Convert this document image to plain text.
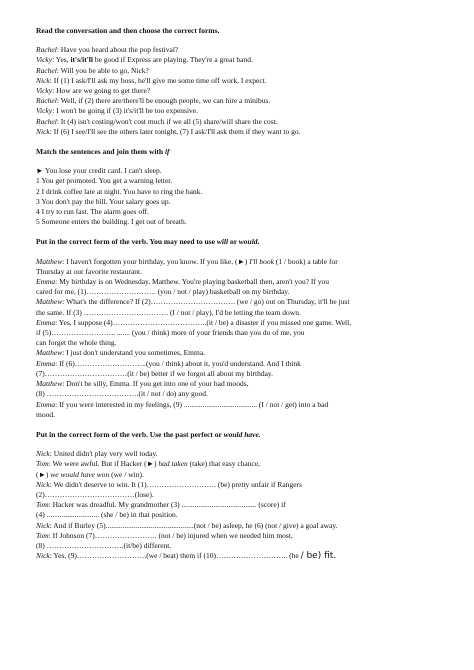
Read the conversation and then choose the correct forms.
Rachel: Have you heard about the pop festival?
Vicky: Yes, it's/it'll be good if Express are playing. They're a great band.
Rachel: Will you be able to go, Nick?
Nick: If (1) I ask/I'll ask my boss, he'll give me some time off work, I expect.
Vicky: How are we going to get there?
Rachel: Well, if (2) there are/there'll be enough people, we can hire a minibus.
Vicky: I won't be going if (3) it's/it'll be too expensive.
Rachel: It (4) isn't costing/won't cost much if we all (5) share/will share the cost.
Nick: If (6) I see/I'll see the others later tonight, (7) I ask/I'll ask them if they want to go.
Match the sentences and join them with if
► You lose your credit card. I can't sleep.
1 You get promoted. You get a warning letter.
2 I drink coffee late at night. You have to ring the bank.
3 You don't pay the bill. Your salary goes up.
4 I try to run fast. The alarm goes off.
5 Someone enters the building. I get out of breath.
Put in the correct form of the verb. You may need to use will or would.
Matthew: I haven't forgotten your birthday, you know. If you like, (►) I'll book (1 / book) a table for
Thursday at our favorite restaurant.
Emma: My birthday is on Wednesday, Matthew. You're playing basketball then, aren't you? If you
cared for me, (1)………………………. (you / not / play) basketball on my birthday.
Matthew: What's the difference? If (2)……………………………. (we / go) out on Thursday, it'll be just
the same. If (3) ……………………………. (I / not / play), I'd be letting the team down.
Emma: Yes, I suppose (4)………………………………..(it / be) a disaster if you missed one game. Well,
if (5)…………………….. ....... (you / think) more of your friends than you do of me, you
can forget the whole thing.
Matthew: I just don't understand you sometimes, Emma.
Emma: If (6)………………………..(you / think) about it, you'd understand. And I think
(7)……………………………(it / be) better if we forgot all about my birthday.
Matthew: Don't be silly, Emma. If you get into one of your bad moods,
(8) ……………………………….(it / not / do) any good.
Emma: If you were interested in my feelings, (9) ....................................... (I / not / get) into a bad
mood.
Put in the correct form of the verb. Use the past perfect or would have.
Nick: United didn't play very well today.
Tom: We were awful. But if Hacker (►) had taken (take) that easy chance,
(►) we would have won (we / win).
Nick: We didn't deserve to win. It (1)………………………. (be) pretty unfair if Rangers
(2)………………………………(lose).
Tom: Hacker was dreadful. My grandmother (3) ........................................ (score) if
(4) ............................ (she / be) in that position.
Nick: And if Burley (5)...............................................(not / be) asleep, he (6) (not / give) a goal away.
Tom: If Johnson (7)……………………. (not / be) injured when we needed him most,
(8) ………………………….(it/be) different.
Nick: Yes, (9)……………………….(we / beat) them if (10)……………………….. (he / be) fit.
